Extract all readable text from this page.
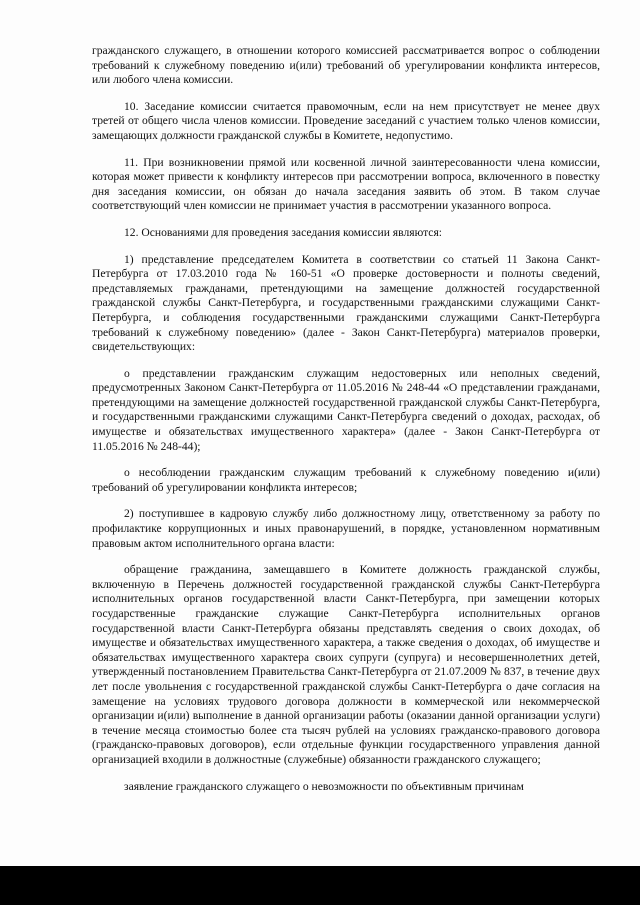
гражданского служащего, в отношении которого комиссией рассматривается вопрос о соблюдении требований к служебному поведению и(или) требований об урегулировании конфликта интересов, или любого члена комиссии.

10. Заседание комиссии считается правомочным, если на нем присутствует не менее двух третей от общего числа членов комиссии. Проведение заседаний с участием только членов комиссии, замещающих должности гражданской службы в Комитете, недопустимо.

11. При возникновении прямой или косвенной личной заинтересованности члена комиссии, которая может привести к конфликту интересов при рассмотрении вопроса, включенного в повестку дня заседания комиссии, он обязан до начала заседания заявить об этом. В таком случае соответствующий член комиссии не принимает участия в рассмотрении указанного вопроса.

12. Основаниями для проведения заседания комиссии являются:

1) представление председателем Комитета в соответствии со статьей 11 Закона Санкт-Петербурга от 17.03.2010 года № 160-51 «О проверке достоверности и полноты сведений, представляемых гражданами, претендующими на замещение должностей государственной гражданской службы Санкт-Петербурга, и государственными гражданскими служащими Санкт-Петербурга, и соблюдения государственными гражданскими служащими Санкт-Петербурга требований к служебному поведению» (далее - Закон Санкт-Петербурга) материалов проверки, свидетельствующих:

о представлении гражданским служащим недостоверных или неполных сведений, предусмотренных Законом Санкт-Петербурга от 11.05.2016 № 248-44 «О представлении гражданами, претендующими на замещение должностей государственной гражданской службы Санкт-Петербурга, и государственными гражданскими служащими Санкт-Петербурга сведений о доходах, расходах, об имуществе и обязательствах имущественного характера» (далее - Закон Санкт-Петербурга от 11.05.2016 № 248-44);

о несоблюдении гражданским служащим требований к служебному поведению и(или) требований об урегулировании конфликта интересов;

2) поступившее в кадровую службу либо должностному лицу, ответственному за работу по профилактике коррупционных и иных правонарушений, в порядке, установленном нормативным правовым актом исполнительного органа власти:

обращение гражданина, замещавшего в Комитете должность гражданской службы, включенную в Перечень должностей государственной гражданской службы Санкт-Петербурга исполнительных органов государственной власти Санкт-Петербурга, при замещении которых государственные гражданские служащие Санкт-Петербурга исполнительных органов государственной власти Санкт-Петербурга обязаны представлять сведения о своих доходах, об имуществе и обязательствах имущественного характера, а также сведения о доходах, об имуществе и обязательствах имущественного характера своих супруги (супруга) и несовершеннолетних детей, утвержденный постановлением Правительства Санкт-Петербурга от 21.07.2009 № 837, в течение двух лет после увольнения с государственной гражданской службы Санкт-Петербурга о даче согласия на замещение на условиях трудового договора должности в коммерческой или некоммерческой организации и(или) выполнение в данной организации работы (оказании данной организации услуги) в течение месяца стоимостью более ста тысяч рублей на условиях гражданско-правового договора (гражданско-правовых договоров), если отдельные функции государственного управления данной организацией входили в должностные (служебные) обязанности гражданского служащего;

заявление гражданского служащего о невозможности по объективным причинам
